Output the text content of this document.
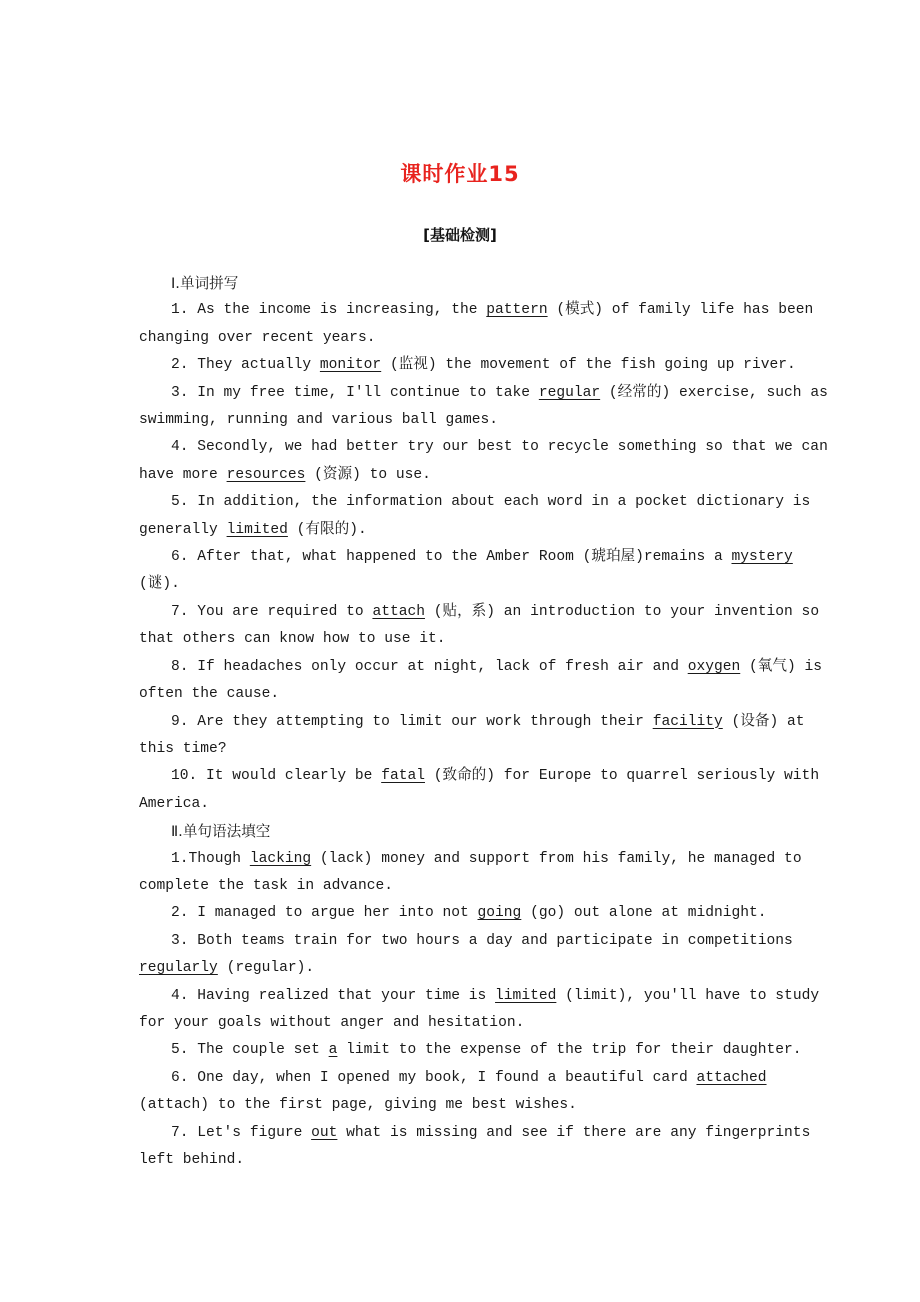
课时作业15
[基础检测]

Ⅰ.单词拼写

1. As the income is increasing, the pattern (模式) of family life has been changing over recent years.

2. They actually monitor (监视) the movement of the fish going up river.

3. In my free time, I'll continue to take regular (经常的) exercise, such as swimming, running and various ball games.

4. Secondly, we had better try our best to recycle something so that we can have more resources (资源) to use.

5. In addition, the information about each word in a pocket dictionary is generally limited (有限的).

6. After that, what happened to the Amber Room (琥珀屋)remains a mystery (谜).

7. You are required to attach (贴，系) an introduction to your invention so that others can know how to use it.

8. If headaches only occur at night, lack of fresh air and oxygen (氧气) is often the cause.

9. Are they attempting to limit our work through their facility (设备) at this time?

10. It would clearly be fatal (致命的) for Europe to quarrel seriously with America.

Ⅱ.单句语法填空

1.Though lacking (lack) money and support from his family, he managed to complete the task in advance.

2. I managed to argue her into not going (go) out alone at midnight.

3. Both teams train for two hours a day and participate in competitions regularly (regular).

4. Having realized that your time is limited (limit), you'll have to study for your goals without anger and hesitation.

5. The couple set a limit to the expense of the trip for their daughter.

6. One day, when I opened my book, I found a beautiful card attached (attach) to the first page, giving me best wishes.

7. Let's figure out what is missing and see if there are any fingerprints left behind.
